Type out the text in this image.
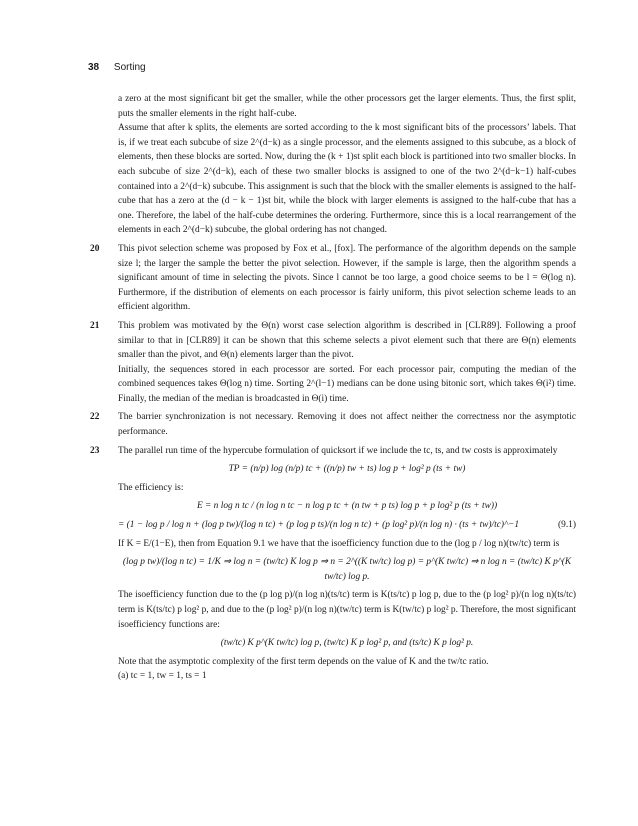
38 Sorting

a zero at the most significant bit get the smaller, while the other processors get the larger elements. Thus, the first split, puts the smaller elements in the right half-cube.

Assume that after k splits, the elements are sorted according to the k most significant bits of the processors’ labels. That is, if we treat each subcube of size 2^(d−k) as a single processor, and the elements assigned to this subcube, as a block of elements, then these blocks are sorted. Now, during the (k + 1)st split each block is partitioned into two smaller blocks. In each subcube of size 2^(d−k), each of these two smaller blocks is assigned to one of the two 2^(d−k−1) half-cubes contained into a 2^(d−k) subcube. This assignment is such that the block with the smaller elements is assigned to the half-cube that has a zero at the (d − k − 1)st bit, while the block with larger elements is assigned to the half-cube that has a one. Therefore, the label of the half-cube determines the ordering. Furthermore, since this is a local rearrangement of the elements in each 2^(d−k) subcube, the global ordering has not changed.

20 This pivot selection scheme was proposed by Fox et al., [fox]. The performance of the algorithm depends on the sample size l; the larger the sample the better the pivot selection. However, if the sample is large, then the algorithm spends a significant amount of time in selecting the pivots. Since l cannot be too large, a good choice seems to be l = Θ(log n). Furthermore, if the distribution of elements on each processor is fairly uniform, this pivot selection scheme leads to an efficient algorithm.

21 This problem was motivated by the Θ(n) worst case selection algorithm is described in [CLR89]. Following a proof similar to that in [CLR89] it can be shown that this scheme selects a pivot element such that there are Θ(n) elements smaller than the pivot, and Θ(n) elements larger than the pivot.

Initially, the sequences stored in each processor are sorted. For each processor pair, computing the median of the combined sequences takes Θ(log n) time. Sorting 2^(l−1) medians can be done using bitonic sort, which takes Θ(i²) time. Finally, the median of the median is broadcasted in Θ(i) time.

22 The barrier synchronization is not necessary. Removing it does not affect neither the correctness nor the asymptotic performance.

23 The parallel run time of the hypercube formulation of quicksort if we include the tc, ts, and tw costs is approximately

TP = (n/p) log (n/p) tc + ((n/p) tw + ts) log p + log² p (ts + tw)

The efficiency is:

E = n log n tc / (n log n tc − n log p tc + (n tw + p ts) log p + p log² p (ts + tw))
= (1 − log p / log n + (log p tw)/(log n tc) + (p log p ts)/(n log n tc) + (p log² p)/(n log n) · (ts + tw)/tc)^−1	(9.1)

If K = E/(1−E), then from Equation 9.1 we have that the isoefficiency function due to the (log p / log n)(tw/tc) term is

(log p tw)/(log n tc) = 1/K ⇒ log n = (tw/tc) K log p ⇒ n = 2^((K tw/tc) log p) = p^(K tw/tc) ⇒ n log n = (tw/tc) K p^(K tw/tc) log p.

The isoefficiency function due to the (p log p)/(n log n)(ts/tc) term is K(ts/tc) p log p, due to the (p log² p)/(n log n)(ts/tc) term is K(ts/tc) p log² p, and due to the (p log² p)/(n log n)(tw/tc) term is K(tw/tc) p log² p. Therefore, the most significant isoefficiency functions are:

(tw/tc) K p^(K tw/tc) log p, (tw/tc) K p log² p, and (ts/tc) K p log² p.

Note that the asymptotic complexity of the first term depends on the value of K and the tw/tc ratio.

(a) tc = 1, tw = 1, ts = 1
